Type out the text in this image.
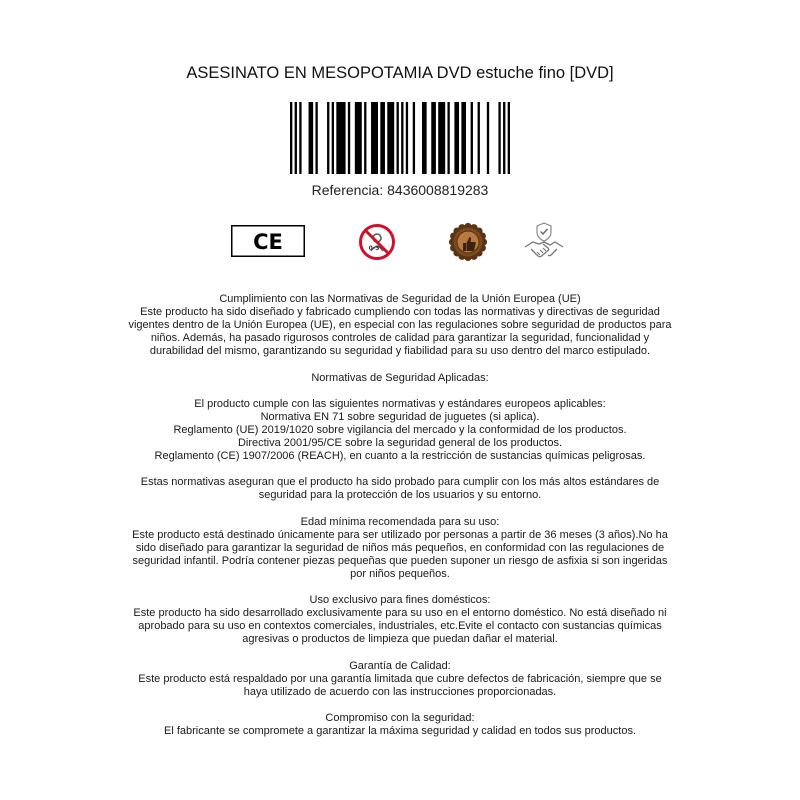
ASESINATO EN MESOPOTAMIA DVD estuche fino [DVD]
Referencia: 8436008819283
CE	0-3

Cumplimiento con las Normativas de Seguridad de la Unión Europea (UE)
Este producto ha sido diseñado y fabricado cumpliendo con todas las normativas y directivas de seguridad
vigentes dentro de la Unión Europea (UE), en especial con las regulaciones sobre seguridad de productos para
niños. Además, ha pasado rigurosos controles de calidad para garantizar la seguridad, funcionalidad y
durabilidad del mismo, garantizando su seguridad y fiabilidad para su uso dentro del marco estipulado.

Normativas de Seguridad Aplicadas:

El producto cumple con las siguientes normativas y estándares europeos aplicables:
Normativa EN 71 sobre seguridad de juguetes (si aplica).
Reglamento (UE) 2019/1020 sobre vigilancia del mercado y la conformidad de los productos.
Directiva 2001/95/CE sobre la seguridad general de los productos.
Reglamento (CE) 1907/2006 (REACH), en cuanto a la restricción de sustancias químicas peligrosas.

Estas normativas aseguran que el producto ha sido probado para cumplir con los más altos estándares de
seguridad para la protección de los usuarios y su entorno.

Edad mínima recomendada para su uso:
Este producto está destinado únicamente para ser utilizado por personas a partir de 36 meses (3 años).No ha
sido diseñado para garantizar la seguridad de niños más pequeños, en conformidad con las regulaciones de
seguridad infantil. Podría contener piezas pequeñas que pueden suponer un riesgo de asfixia si son ingeridas
por niños pequeños.

Uso exclusivo para fines domésticos:
Este producto ha sido desarrollado exclusivamente para su uso en el entorno doméstico. No está diseñado ni
aprobado para su uso en contextos comerciales, industriales, etc.Evite el contacto con sustancias químicas
agresivas o productos de limpieza que puedan dañar el material.

Garantía de Calidad:
Este producto está respaldado por una garantía limitada que cubre defectos de fabricación, siempre que se
haya utilizado de acuerdo con las instrucciones proporcionadas.

Compromiso con la seguridad:
El fabricante se compromete a garantizar la máxima seguridad y calidad en todos sus productos.
